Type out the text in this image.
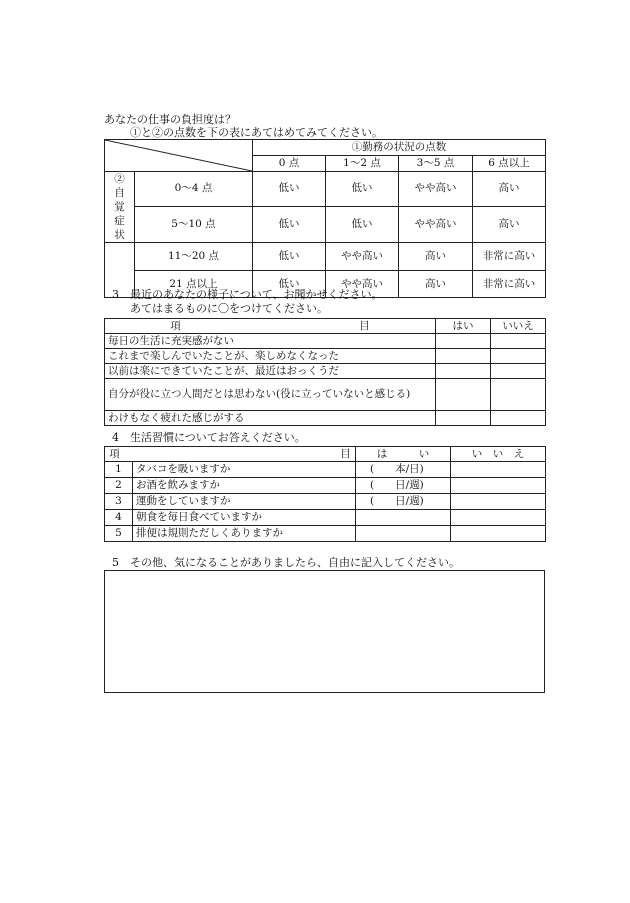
あなたの仕事の負担度は？
①と②の点数を下の表にあてはめてみてください。
	①勤務の状況の点数			
		0 点	1〜2 点	3〜5 点	6 点以上
②自覚症状	0〜4 点	低い	低い	やや高い	高い
	5〜10 点	低い	低い	やや高い	高い
	11〜20 点	低い	やや高い	高い	非常に高い
	21 点以上	低い	やや高い	高い	非常に高い
3　最近のあなたの様子について、お聞かせください。
あてはまるものに〇をつけてください。
項　　　　　　　　　　　　　　　　　目	はい	いいえ
毎日の生活に充実感がない		
これまで楽しんでいたことが、楽しめなくなった		
以前は楽にできていたことが、最近はおっくうだ		
自分が役に立つ人間だとは思わない(役に立っていないと感じる)		
わけもなく疲れた感じがする		
4　生活習慣についてお答えください。
項　　　　　　　　　　　　　　　　　　　　　目		は　　　い	い　い　え
1	タバコを吸いますか	(　　本/日)	
2	お酒を飲みますか	(　　日/週)	
3	運動をしていますか	(　　日/週)	
4	朝食を毎日食べていますか		
5	排便は規則ただしくありますか		
5　その他、気になることがありましたら、自由に記入してください。
